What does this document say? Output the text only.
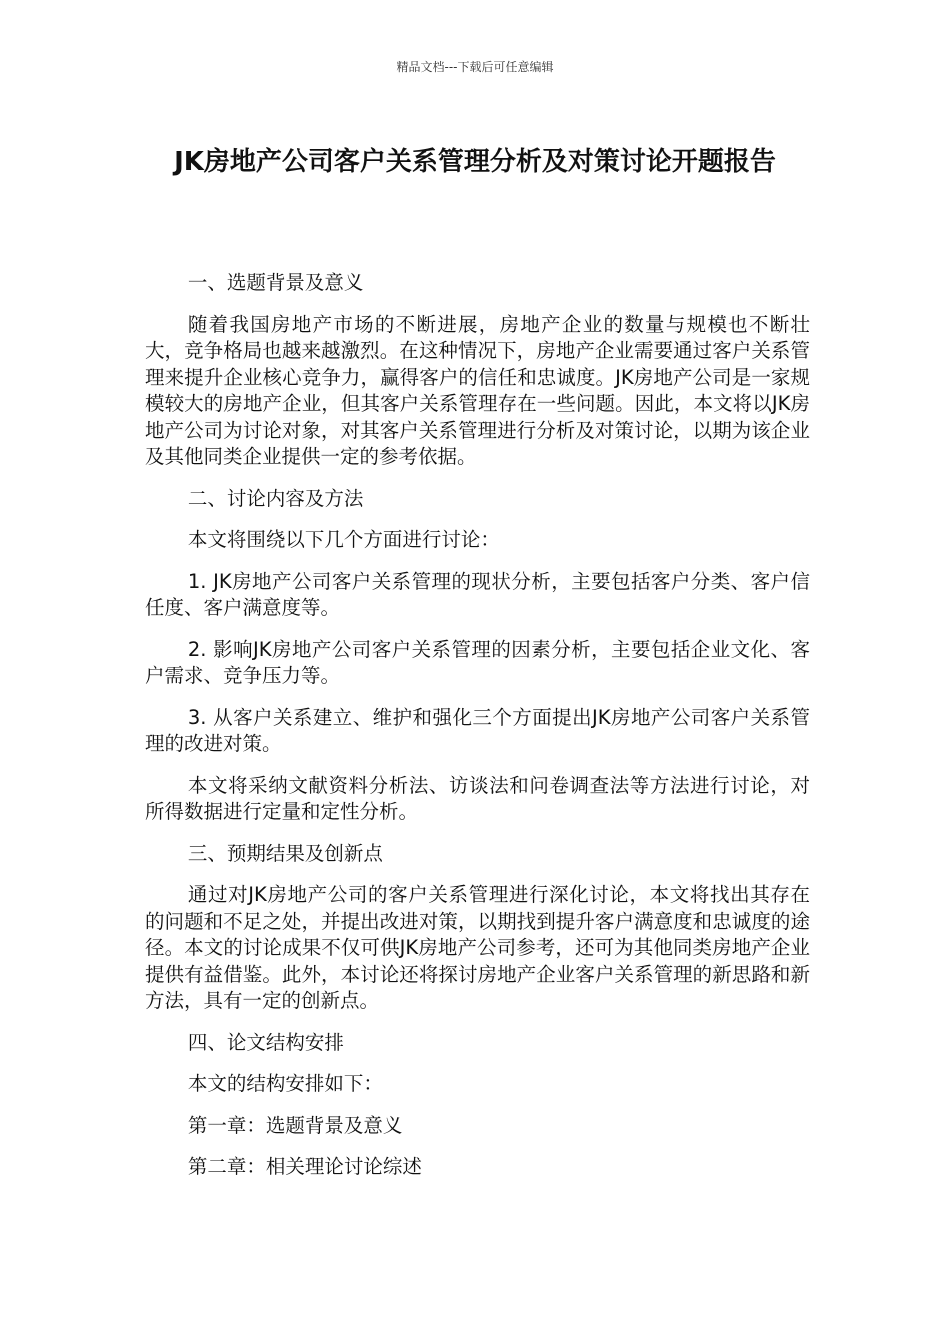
精品文档---下载后可任意编辑
JK房地产公司客户关系管理分析及对策讨论开题报告

一、选题背景及意义

随着我国房地产市场的不断进展，房地产企业的数量与规模也不断壮大，竞争格局也越来越激烈。在这种情况下，房地产企业需要通过客户关系管理来提升企业核心竞争力，赢得客户的信任和忠诚度。JK房地产公司是一家规模较大的房地产企业，但其客户关系管理存在一些问题。因此，本文将以JK房地产公司为讨论对象，对其客户关系管理进行分析及对策讨论，以期为该企业及其他同类企业提供一定的参考依据。

二、讨论内容及方法

本文将围绕以下几个方面进行讨论：

1. JK房地产公司客户关系管理的现状分析，主要包括客户分类、客户信任度、客户满意度等。

2. 影响JK房地产公司客户关系管理的因素分析，主要包括企业文化、客户需求、竞争压力等。

3. 从客户关系建立、维护和强化三个方面提出JK房地产公司客户关系管理的改进对策。

本文将采纳文献资料分析法、访谈法和问卷调查法等方法进行讨论，对所得数据进行定量和定性分析。

三、预期结果及创新点

通过对JK房地产公司的客户关系管理进行深化讨论，本文将找出其存在的问题和不足之处，并提出改进对策，以期找到提升客户满意度和忠诚度的途径。本文的讨论成果不仅可供JK房地产公司参考，还可为其他同类房地产企业提供有益借鉴。此外，本讨论还将探讨房地产企业客户关系管理的新思路和新方法，具有一定的创新点。

四、论文结构安排

本文的结构安排如下：

第一章：选题背景及意义

第二章：相关理论讨论综述
